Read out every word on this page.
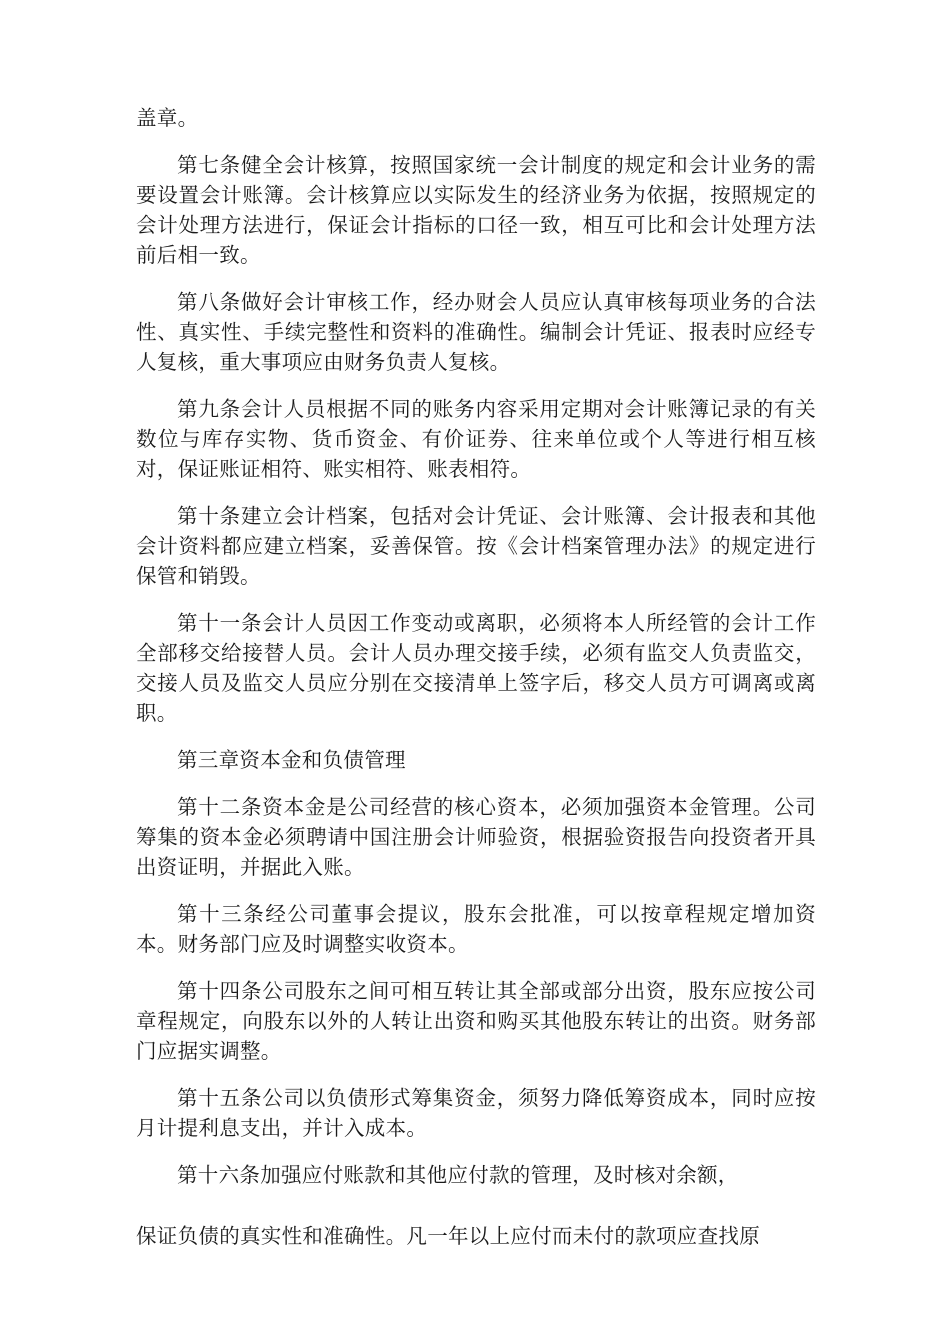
盖章。

第七条健全会计核算，按照国家统一会计制度的规定和会计业务的需要设置会计账簿。会计核算应以实际发生的经济业务为依据，按照规定的会计处理方法进行，保证会计指标的口径一致，相互可比和会计处理方法前后相一致。

第八条做好会计审核工作，经办财会人员应认真审核每项业务的合法性、真实性、手续完整性和资料的准确性。编制会计凭证、报表时应经专人复核，重大事项应由财务负责人复核。

第九条会计人员根据不同的账务内容采用定期对会计账簿记录的有关数位与库存实物、货币资金、有价证券、往来单位或个人等进行相互核对，保证账证相符、账实相符、账表相符。

第十条建立会计档案，包括对会计凭证、会计账簿、会计报表和其他会计资料都应建立档案，妥善保管。按《会计档案管理办法》的规定进行保管和销毁。

第十一条会计人员因工作变动或离职，必须将本人所经管的会计工作全部移交给接替人员。会计人员办理交接手续，必须有监交人负责监交，交接人员及监交人员应分别在交接清单上签字后，移交人员方可调离或离职。

第三章资本金和负债管理

第十二条资本金是公司经营的核心资本，必须加强资本金管理。公司筹集的资本金必须聘请中国注册会计师验资，根据验资报告向投资者开具出资证明，并据此入账。

第十三条经公司董事会提议，股东会批准，可以按章程规定增加资本。财务部门应及时调整实收资本。

第十四条公司股东之间可相互转让其全部或部分出资，股东应按公司章程规定，向股东以外的人转让出资和购买其他股东转让的出资。财务部门应据实调整。

第十五条公司以负债形式筹集资金，须努力降低筹资成本，同时应按月计提利息支出，并计入成本。

第十六条加强应付账款和其他应付款的管理，及时核对余额，

保证负债的真实性和准确性。凡一年以上应付而未付的款项应查找原
